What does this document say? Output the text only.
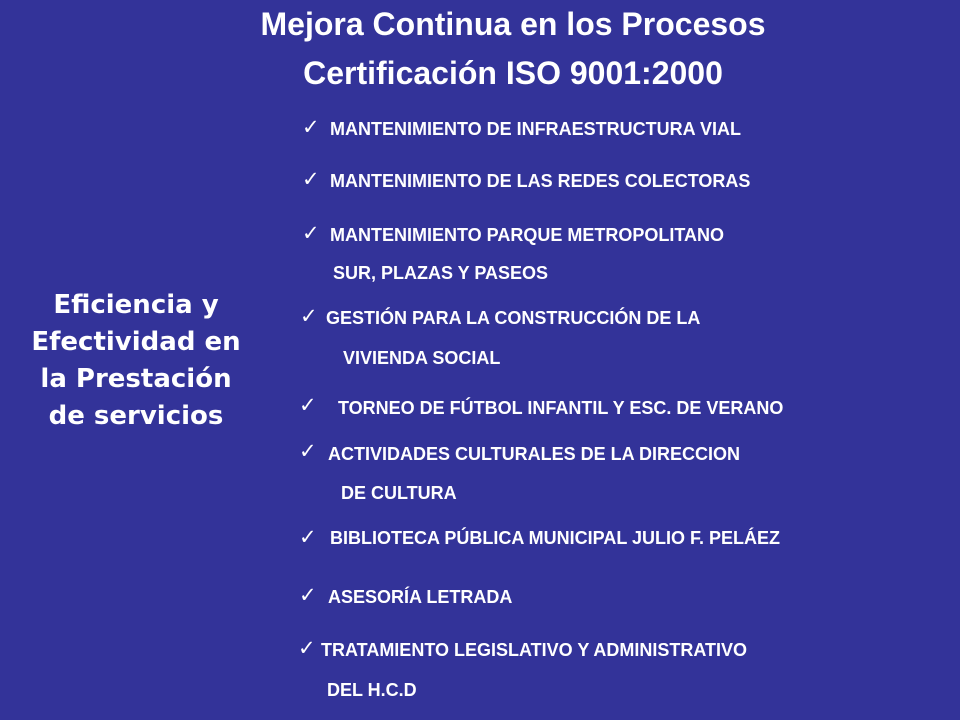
Mejora Continua en los Procesos
Certificación ISO 9001:2000
Eficiencia y
Efectividad en
la Prestación
de servicios
✓ MANTENIMIENTO DE INFRAESTRUCTURA VIAL
✓ MANTENIMIENTO DE LAS REDES COLECTORAS
✓ MANTENIMIENTO PARQUE METROPOLITANO
SUR, PLAZAS Y PASEOS
✓ GESTIÓN PARA LA CONSTRUCCIÓN DE LA
VIVIENDA SOCIAL
✓ TORNEO DE FÚTBOL INFANTIL Y ESC. DE VERANO
✓ ACTIVIDADES CULTURALES DE LA DIRECCION
DE CULTURA
✓ BIBLIOTECA PÚBLICA MUNICIPAL JULIO F. PELÁEZ
✓ ASESORÍA LETRADA
✓ TRATAMIENTO LEGISLATIVO Y ADMINISTRATIVO
DEL H.C.D
